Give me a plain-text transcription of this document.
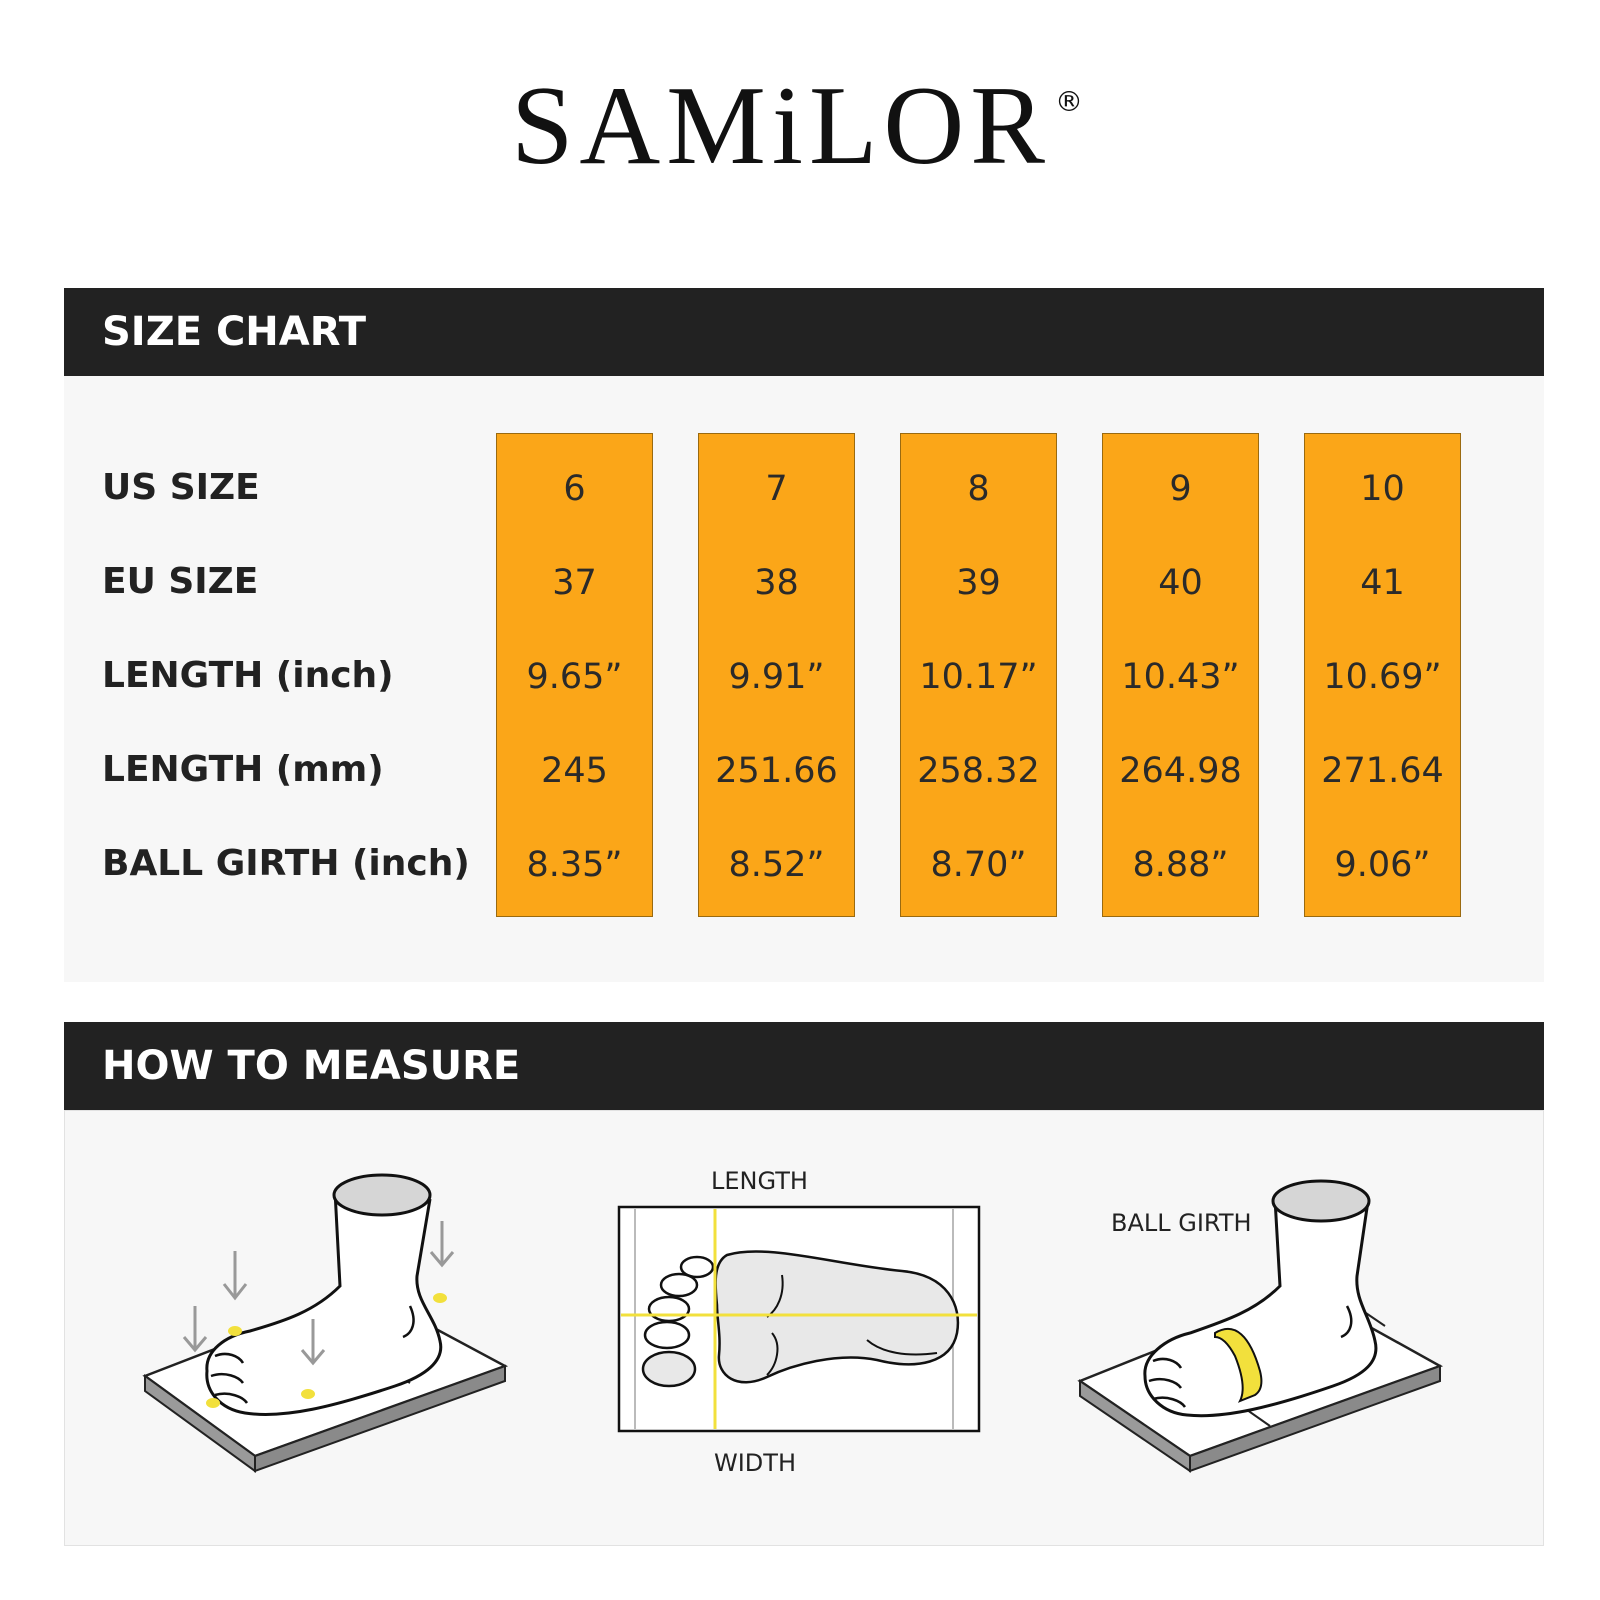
SAMiLOR ®
SIZE CHART
US SIZE
EU SIZE
LENGTH (inch)
LENGTH (mm)
BALL GIRTH (inch)
6
37
9.65”
245
8.35”
7
38
9.91”
251.66
8.52”
8
39
10.17”
258.32
8.70”
9
40
10.43”
264.98
8.88”
10
41
10.69”
271.64
9.06”
HOW TO MEASURE
LENGTH
WIDTH
BALL GIRTH
